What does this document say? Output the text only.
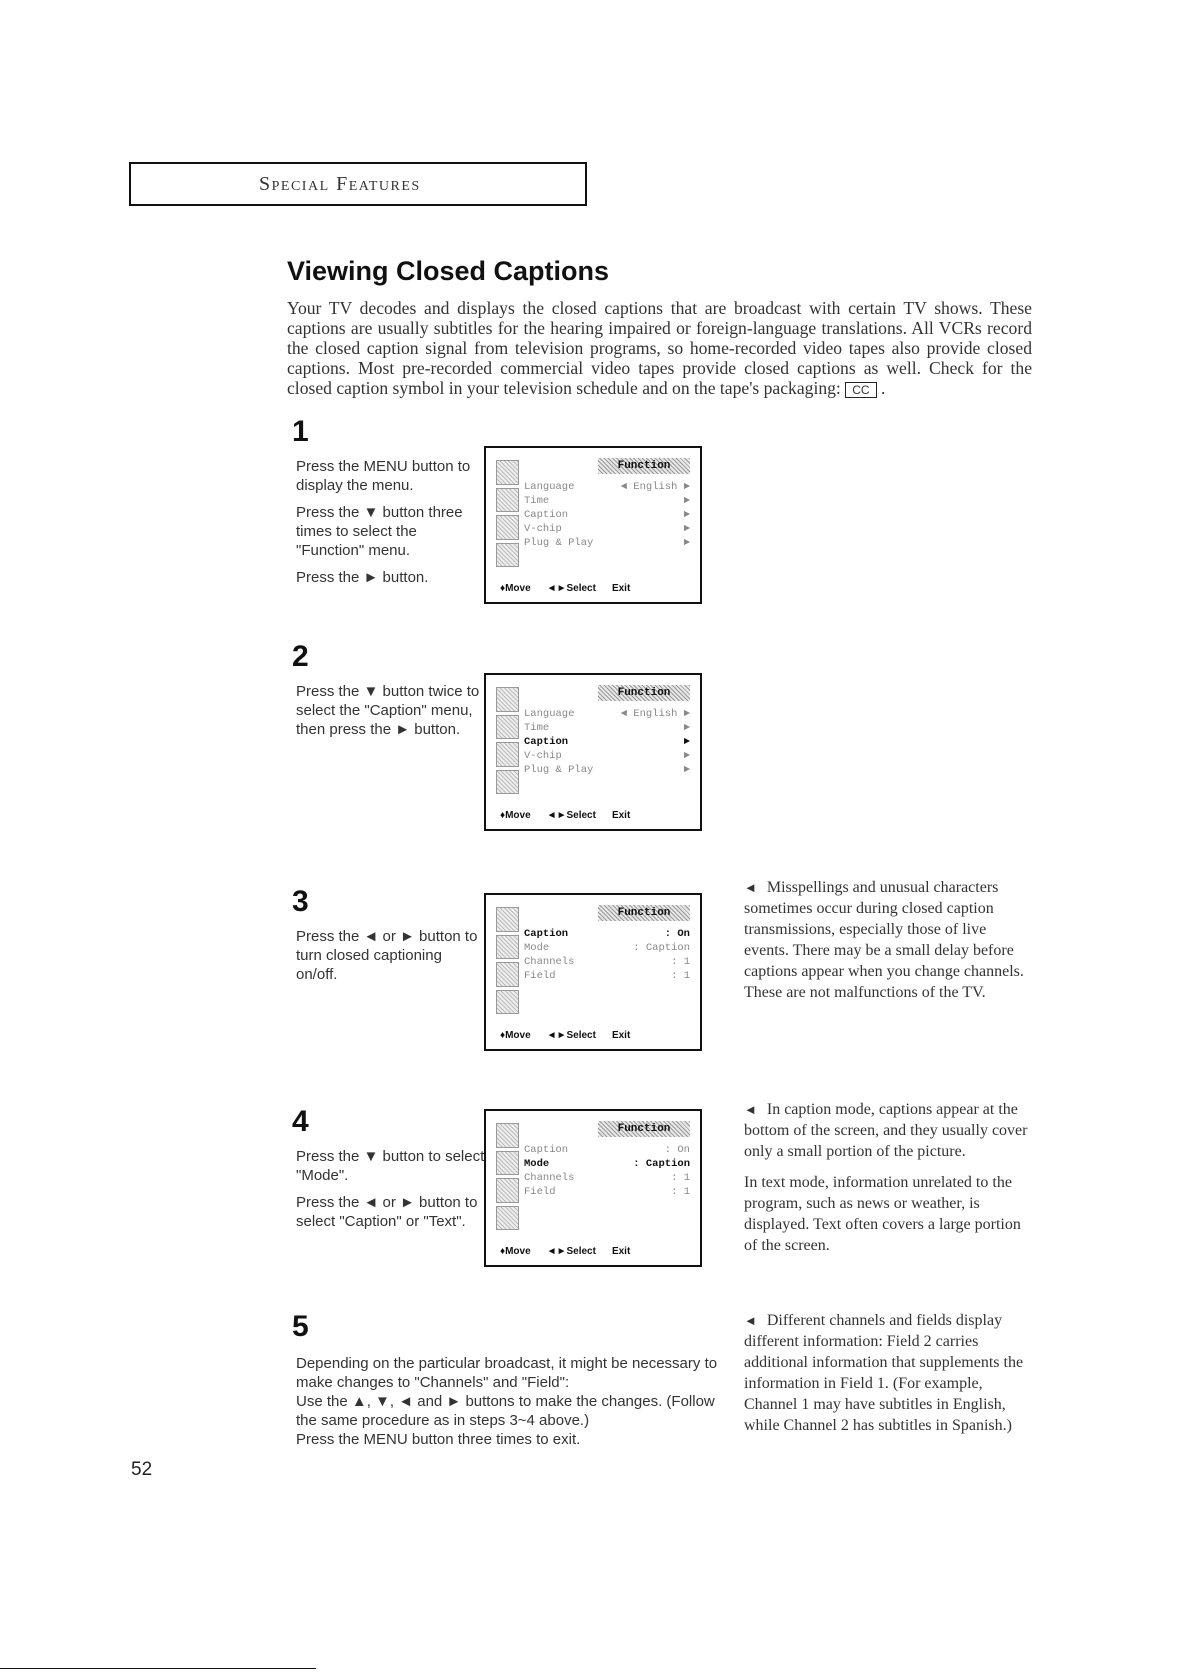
Special Features
Viewing Closed Captions
Your TV decodes and displays the closed captions that are broadcast with certain TV shows. These captions are usually subtitles for the hearing impaired or foreign-language translations. All VCRs record the closed caption signal from television programs, so home-recorded video tapes also provide closed captions. Most pre-recorded commercial video tapes provide closed captions as well. Check for the closed caption symbol in your television schedule and on the tape's packaging: CC .
1

Press the MENU button to display the menu.

Press the ▼ button three times to select the "Function" menu.

Press the ► button.

Function
Language	◄ English ►
Time	►
Caption	►
V-chip	►
Plug & Play	►
♦Move ◄►Select Exit
2

Press the ▼ button twice to select the "Caption" menu, then press the ► button.

Function
Language	◄ English ►
Time	►
Caption	►
V-chip	►
Plug & Play	►
♦Move ◄►Select Exit
3

Press the ◄ or ► button to turn closed captioning on/off.

Function
Caption	: On
Mode	: Caption
Channels	: 1
Field	: 1
♦Move ◄►Select Exit
4

Press the ▼ button to select "Mode".

Press the ◄ or ► button to select "Caption" or "Text".

Function
Caption	: On
Mode	: Caption
Channels	: 1
Field	: 1
♦Move ◄►Select Exit
5

Depending on the particular broadcast, it might be necessary to make changes to "Channels" and "Field":

Use the ▲, ▼, ◄ and ► buttons to make the changes. (Follow the same procedure as in steps 3~4 above.)

Press the MENU button three times to exit.

◄ Misspellings and unusual characters sometimes occur during closed caption transmissions, especially those of live events. There may be a small delay before captions appear when you change channels. These are not malfunctions of the TV.

◄ In caption mode, captions appear at the bottom of the screen, and they usually cover only a small portion of the picture.

In text mode, information unrelated to the program, such as news or weather, is displayed. Text often covers a large portion of the screen.

◄ Different channels and fields display different information: Field 2 carries additional information that supplements the information in Field 1. (For example, Channel 1 may have subtitles in English, while Channel 2 has subtitles in Spanish.)

52
